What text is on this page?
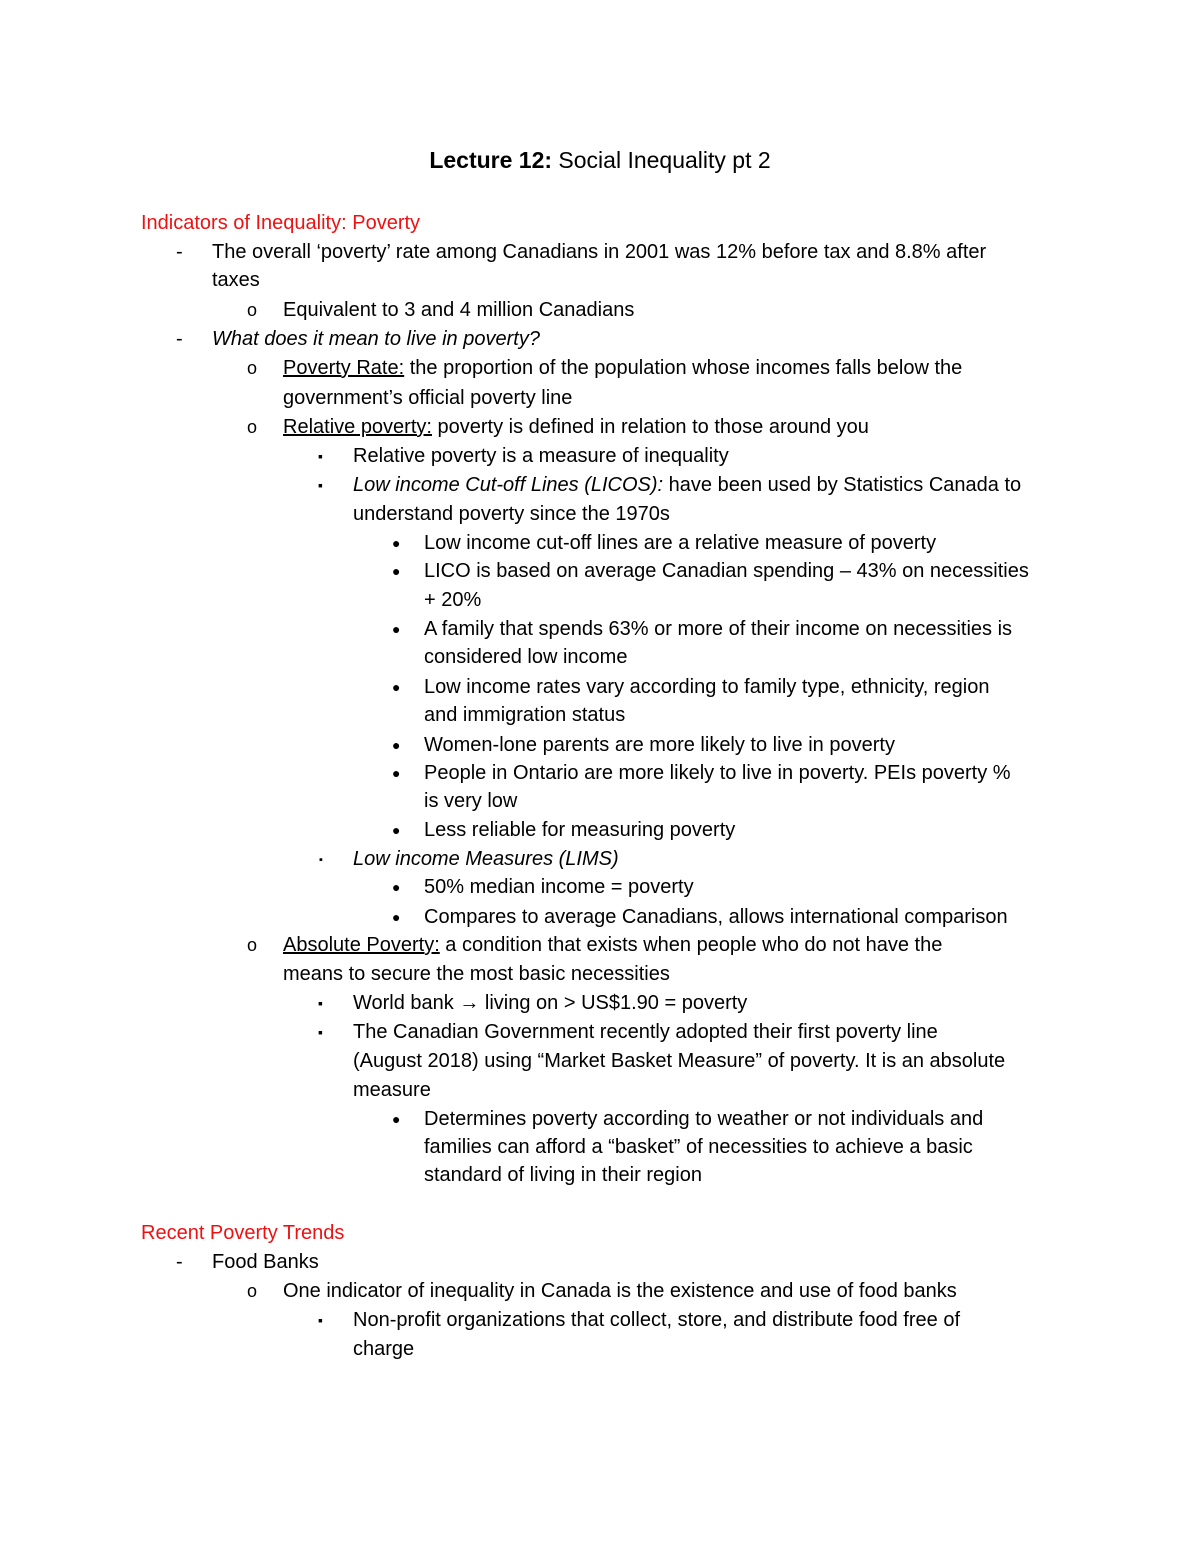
Lecture 12: Social Inequality pt 2
Indicators of Inequality: Poverty
- The overall ‘poverty’ rate among Canadians in 2001 was 12% before tax and 8.8% after
taxes
o Equivalent to 3 and 4 million Canadians
- What does it mean to live in poverty?
o Poverty Rate: the proportion of the population whose incomes falls below the
government’s official poverty line
o Relative poverty: poverty is defined in relation to those around you
▪ Relative poverty is a measure of inequality
▪ Low income Cut-off Lines (LICOS): have been used by Statistics Canada to
understand poverty since the 1970s
● Low income cut-off lines are a relative measure of poverty
● LICO is based on average Canadian spending – 43% on necessities
+ 20%
● A family that spends 63% or more of their income on necessities is
considered low income
● Low income rates vary according to family type, ethnicity, region
and immigration status
● Women-lone parents are more likely to live in poverty
● People in Ontario are more likely to live in poverty. PEIs poverty %
is very low
● Less reliable for measuring poverty
▪ Low income Measures (LIMS)
● 50% median income = poverty
● Compares to average Canadians, allows international comparison
o Absolute Poverty: a condition that exists when people who do not have the
means to secure the most basic necessities
▪ World bank → living on > US$1.90 = poverty
▪ The Canadian Government recently adopted their first poverty line
(August 2018) using “Market Basket Measure” of poverty. It is an absolute
measure
● Determines poverty according to weather or not individuals and
families can afford a “basket” of necessities to achieve a basic
standard of living in their region
Recent Poverty Trends
- Food Banks
o One indicator of inequality in Canada is the existence and use of food banks
▪ Non-profit organizations that collect, store, and distribute food free of
charge
